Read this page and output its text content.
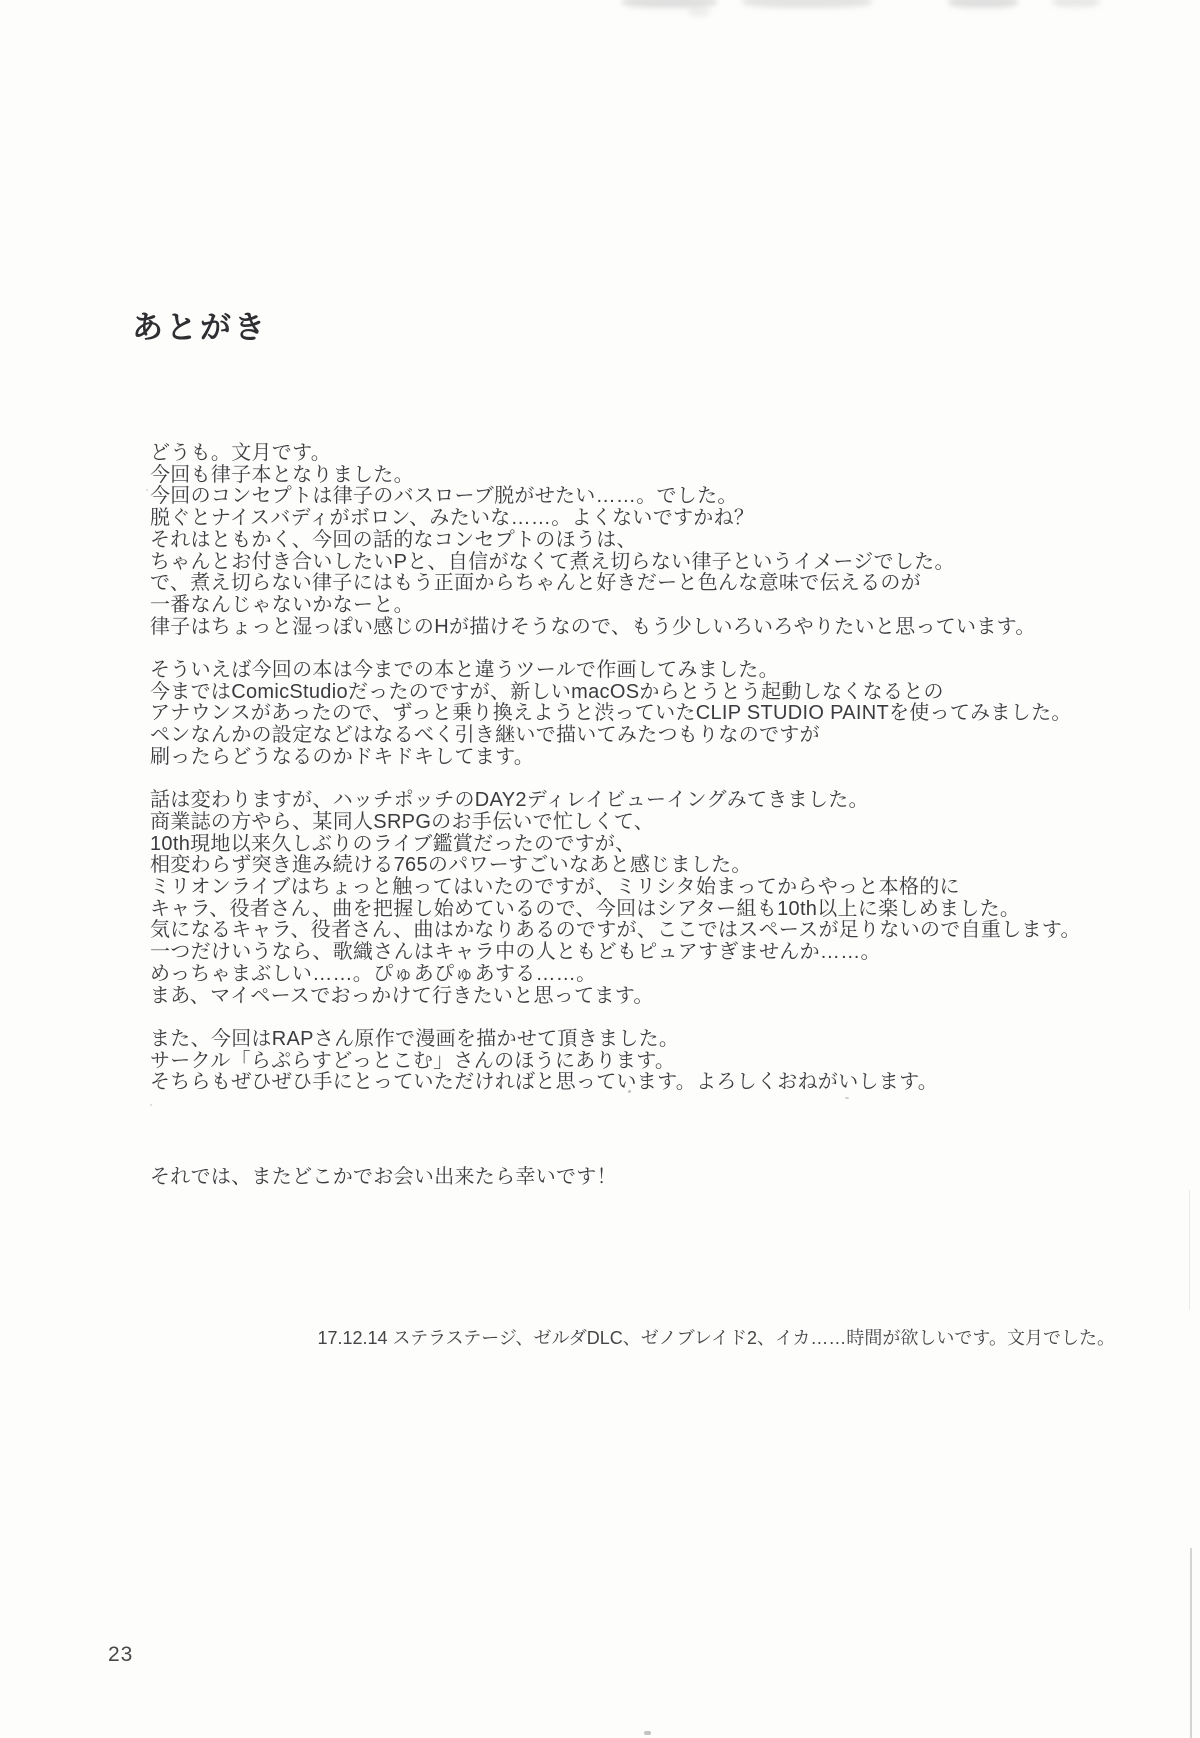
あとがき

どうも。文月です。
今回も律子本となりました。
今回のコンセプトは律子のバスローブ脱がせたい……。でした。
脱ぐとナイスバディがボロン、みたいな……。よくないですかね？
それはともかく、今回の話的なコンセプトのほうは、
ちゃんとお付き合いしたいPと、自信がなくて煮え切らない律子というイメージでした。
で、煮え切らない律子にはもう正面からちゃんと好きだーと色んな意味で伝えるのが
一番なんじゃないかなーと。
律子はちょっと湿っぽい感じのHが描けそうなので、もう少しいろいろやりたいと思っています。

そういえば今回の本は今までの本と違うツールで作画してみました。
今まではComicStudioだったのですが、新しいmacOSからとうとう起動しなくなるとの
アナウンスがあったので、ずっと乗り換えようと渋っていたCLIP STUDIO PAINTを使ってみました。
ペンなんかの設定などはなるべく引き継いで描いてみたつもりなのですが
刷ったらどうなるのかドキドキしてます。

話は変わりますが、ハッチポッチのDAY2ディレイビューイングみてきました。
商業誌の方やら、某同人SRPGのお手伝いで忙しくて、
10th現地以来久しぶりのライブ鑑賞だったのですが、
相変わらず突き進み続ける765のパワーすごいなあと感じました。
ミリオンライブはちょっと触ってはいたのですが、ミリシタ始まってからやっと本格的に
キャラ、役者さん、曲を把握し始めているので、今回はシアター組も10th以上に楽しめました。
気になるキャラ、役者さん、曲はかなりあるのですが、ここではスペースが足りないので自重します。
一つだけいうなら、歌織さんはキャラ中の人ともどもピュアすぎませんか……。
めっちゃまぶしい……。ぴゅあぴゅあする……。
まあ、マイペースでおっかけて行きたいと思ってます。

また、今回はRAPさん原作で漫画を描かせて頂きました。
サークル「らぷらすどっとこむ」さんのほうにあります。
そちらもぜひぜひ手にとっていただければと思っています。よろしくおねがいします。

それでは、またどこかでお会い出来たら幸いです！
17.12.14 ステラステージ、ゼルダDLC、ゼノブレイド2、イカ……時間が欲しいです。文月でした。
23
